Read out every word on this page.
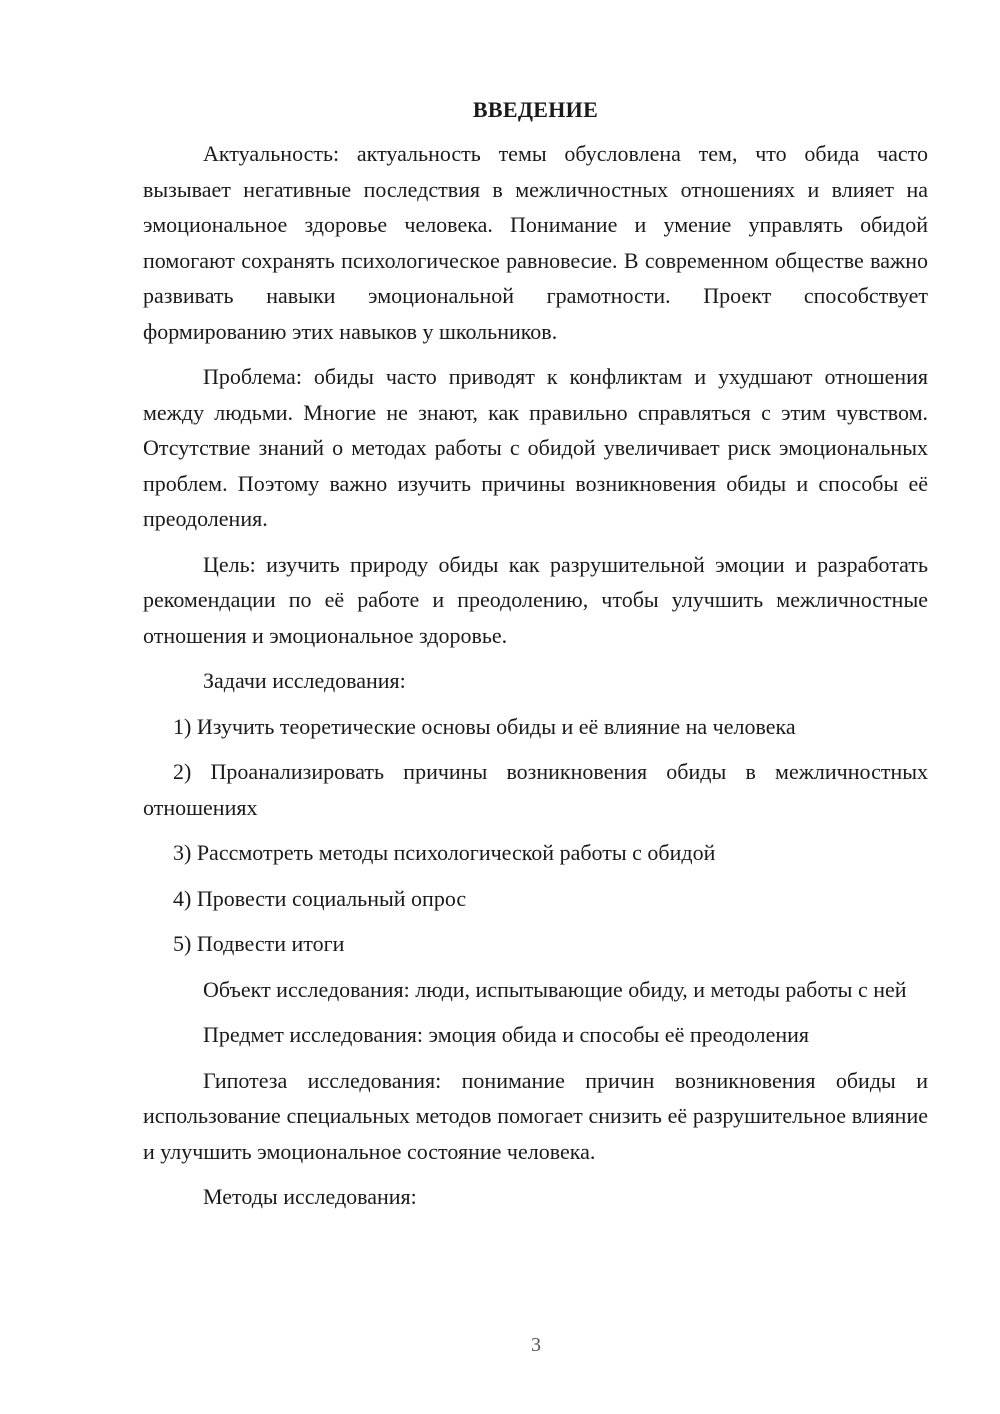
ВВЕДЕНИЕ
Актуальность: актуальность темы обусловлена тем, что обида часто вызывает негативные последствия в межличностных отношениях и влияет на эмоциональное здоровье человека. Понимание и умение управлять обидой помогают сохранять психологическое равновесие. В современном обществе важно развивать навыки эмоциональной грамотности. Проект способствует формированию этих навыков у школьников.
Проблема: обиды часто приводят к конфликтам и ухудшают отношения между людьми. Многие не знают, как правильно справляться с этим чувством. Отсутствие знаний о методах работы с обидой увеличивает риск эмоциональных проблем. Поэтому важно изучить причины возникновения обиды и способы её преодоления.
Цель: изучить природу обиды как разрушительной эмоции и разработать рекомендации по её работе и преодолению, чтобы улучшить межличностные отношения и эмоциональное здоровье.
Задачи исследования:
1) Изучить теоретические основы обиды и её влияние на человека
2) Проанализировать причины возникновения обиды в межличностных отношениях
3) Рассмотреть методы психологической работы с обидой
4) Провести социальный опрос
5) Подвести итоги
Объект исследования: люди, испытывающие обиду, и методы работы с ней
Предмет исследования: эмоция обида и способы её преодоления
Гипотеза исследования: понимание причин возникновения обиды и использование специальных методов помогает снизить её разрушительное влияние и улучшить эмоциональное состояние человека.
Методы исследования:
3
